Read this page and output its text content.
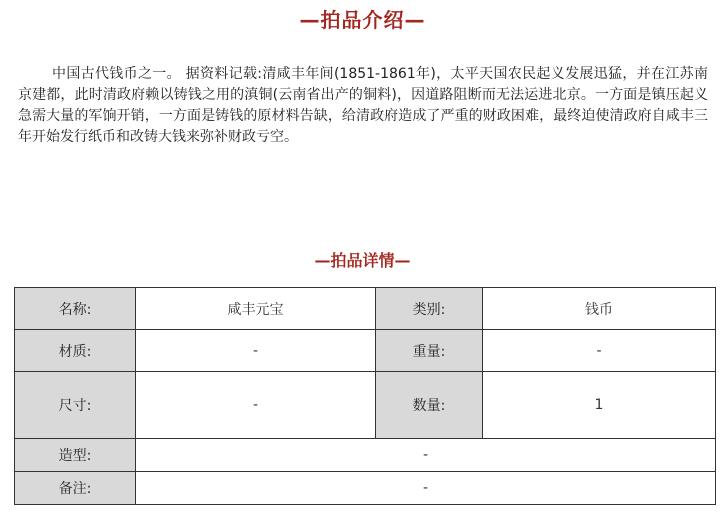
—拍品介绍—

中国古代钱币之一。 据资料记载:清咸丰年间(1851-1861年)，太平天国农民起义发展迅猛，并在江苏南京建都，此时清政府赖以铸钱之用的滇铜(云南省出产的铜料)，因道路阻断而无法运进北京。一方面是镇压起义急需大量的军饷开销，一方面是铸钱的原材料告缺，给清政府造成了严重的财政困难，最终迫使清政府自咸丰三年开始发行纸币和改铸大钱来弥补财政亏空。

—拍品详情—
名称:	咸丰元宝	类别:	钱币
材质:	-	重量:	-
尺寸:	-	数量:	1
造型:	-		
备注:	-		
